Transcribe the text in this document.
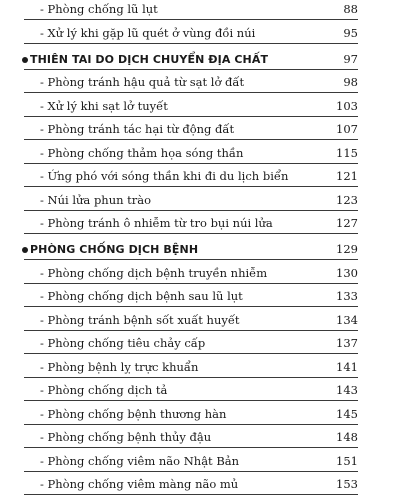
- Phòng chống lũ lụt	88
- Xử lý khi gặp lũ quét ở vùng đồi núi	95
THIÊN TAI DO DỊCH CHUYỂN ĐỊA CHẤT	97
- Phòng tránh hậu quả từ sạt lở đất	98
- Xử lý khi sạt lở tuyết	103
- Phòng tránh tác hại từ động đất	107
- Phòng chống thảm họa sóng thần	115
- Ứng phó với sóng thần khi đi du lịch biển	121
- Núi lửa phun trào	123
- Phòng tránh ô nhiễm từ tro bụi núi lửa	127
PHÒNG CHỐNG DỊCH BỆNH	129
- Phòng chống dịch bệnh truyền nhiễm	130
- Phòng chống dịch bệnh sau lũ lụt	133
- Phòng tránh bệnh sốt xuất huyết	134
- Phòng chống tiêu chảy cấp	137
- Phòng bệnh lỵ trực khuẩn	141
- Phòng chống dịch tả	143
- Phòng chống bệnh thương hàn	145
- Phòng chống bệnh thủy đậu	148
- Phòng chống viêm não Nhật Bản	151
- Phòng chống viêm màng não mủ	153
